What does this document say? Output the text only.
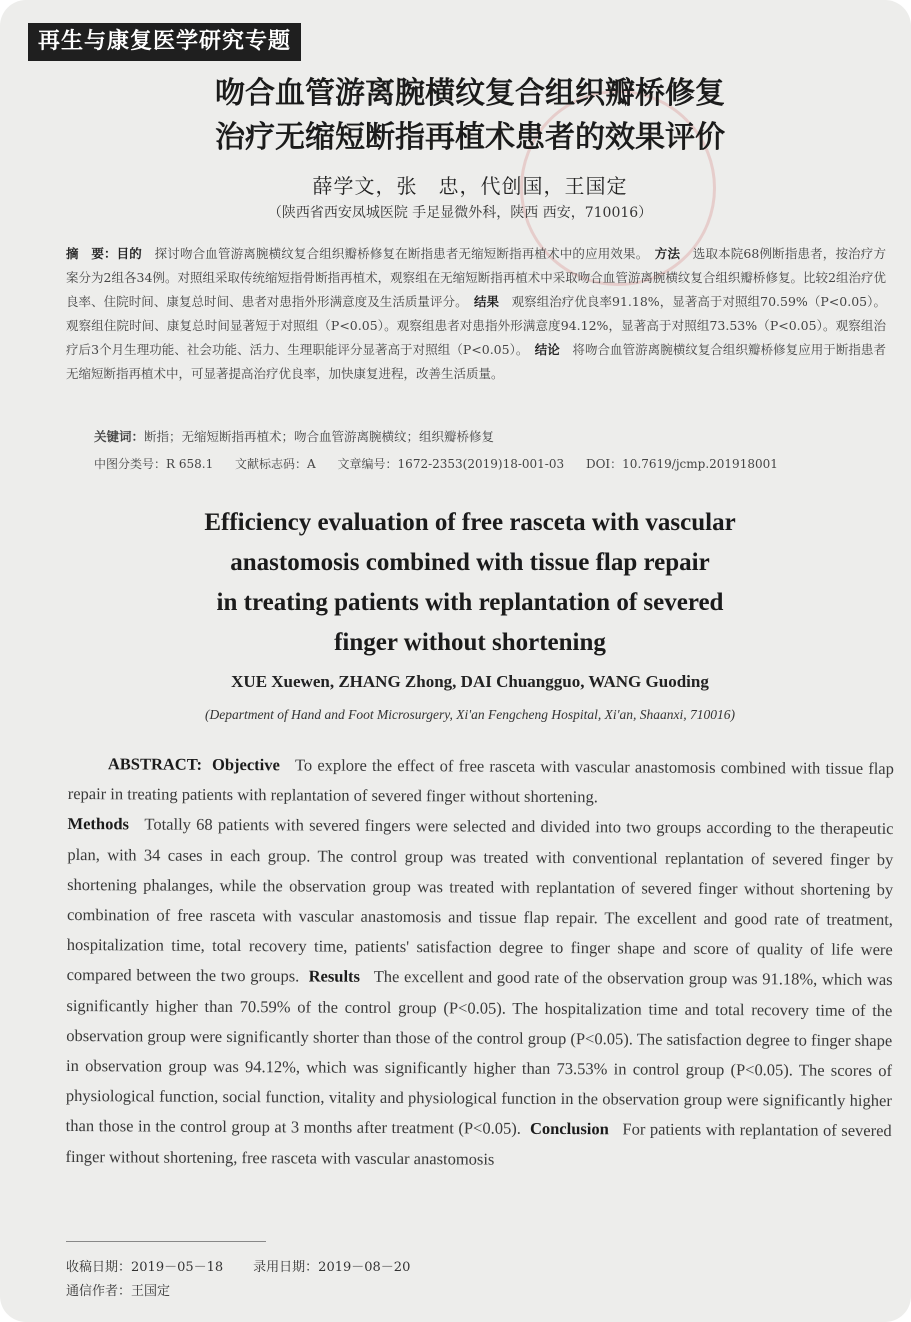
再生与康复医学研究专题
吻合血管游离腕横纹复合组织瓣桥修复
治疗无缩短断指再植术患者的效果评价
薛学文，张　忠，代创国，王国定
（陕西省西安凤城医院 手足显微外科，陕西 西安，710016）
摘　要：目的　 探讨吻合血管游离腕横纹复合组织瓣桥修复在断指患者无缩短断指再植术中的应用效果。　 方法　 选取本院68例断指患者，按治疗方案分为2组各34例。对照组采取传统缩短指骨断指再植术，观察组在无缩短断指再植术中采取吻合血管游离腕横纹复合组织瓣桥修复。比较2组治疗优良率、住院时间、康复总时间、患者对患指外形满意度及生活质量评分。　 结果　 观察组治疗优良率91.18%，显著高于对照组70.59%（P<0.05）。观察组住院时间、康复总时间显著短于对照组（P<0.05）。观察组患者对患指外形满意度94.12%，显著高于对照组73.53%（P<0.05）。观察组治疗后3个月生理功能、社会功能、活力、生理职能评分显著高于对照组（P<0.05）。　 结论　 将吻合血管游离腕横纹复合组织瓣桥修复应用于断指患者无缩短断指再植术中，可显著提高治疗优良率，加快康复进程，改善生活质量。
关键词：断指；无缩短断指再植术；吻合血管游离腕横纹；组织瓣桥修复
中图分类号：R 658.1 文献标志码：A 文章编号：1672-2353(2019)18-001-03 DOI：10.7619/jcmp.201918001
Efficiency evaluation of free rasceta with vascular
anastomosis combined with tissue flap repair
in treating patients with replantation of severed
finger without shortening
XUE Xuewen, ZHANG Zhong, DAI Chuangguo, WANG Guoding
(Department of Hand and Foot Microsurgery, Xi'an Fengcheng Hospital, Xi'an, Shaanxi, 710016)
ABSTRACT: Objective To explore the effect of free rasceta with vascular anastomosis combined with tissue flap repair in treating patients with replantation of severed finger without shortening.
Methods Totally 68 patients with severed fingers were selected and divided into two groups according to the therapeutic plan, with 34 cases in each group. The control group was treated with conventional replantation of severed finger by shortening phalanges, while the observation group was treated with replantation of severed finger without shortening by combination of free rasceta with vascular anastomosis and tissue flap repair. The excellent and good rate of treatment, hospitalization time, total recovery time, patients' satisfaction degree to finger shape and score of quality of life were compared between the two groups. Results The excellent and good rate of the observation group was 91.18%, which was significantly higher than 70.59% of the control group (P<0.05). The hospitalization time and total recovery time of the observation group were significantly shorter than those of the control group (P<0.05). The satisfaction degree to finger shape in observation group was 94.12%, which was significantly higher than 73.53% in control group (P<0.05). The scores of physiological function, social function, vitality and physiological function in the observation group were significantly higher than those in the control group at 3 months after treatment (P<0.05). Conclusion For patients with replantation of severed finger without shortening, free rasceta with vascular anastomosis
收稿日期：2019－05－18 录用日期：2019－08－20
通信作者：王国定
